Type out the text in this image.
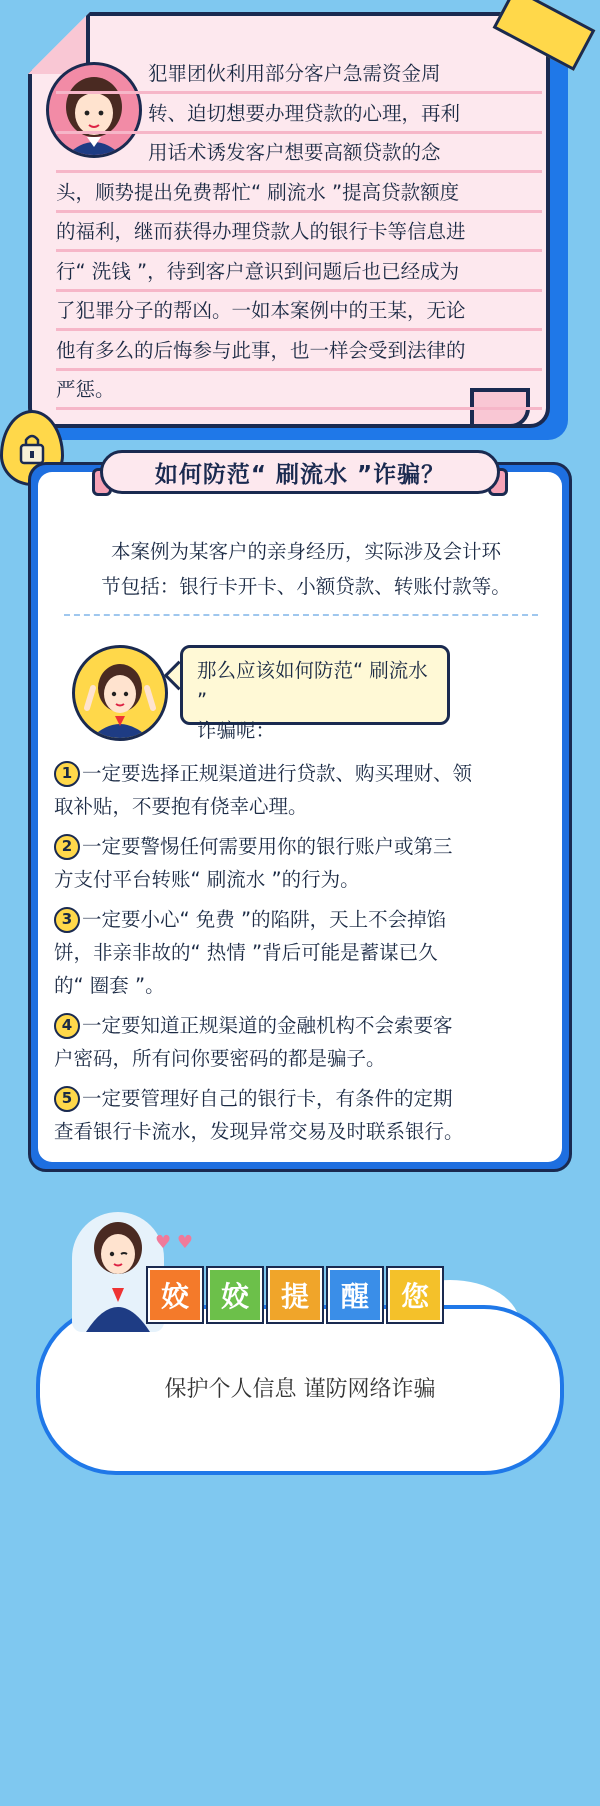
犯罪团伙利用部分客户急需资金周
转、迫切想要办理贷款的心理，再利
用话术诱发客户想要高额贷款的念
头，顺势提出免费帮忙“ 刷流水 ”提高贷款额度
的福利，继而获得办理贷款人的银行卡等信息进
行“ 洗钱 ”，待到客户意识到问题后也已经成为
了犯罪分子的帮凶。一如本案例中的王某，无论
他有多么的后悔参与此事，也一样会受到法律的
严惩。
如何防范“ 刷流水 ”诈骗？
本案例为某客户的亲身经历，实际涉及会计环
节包括：银行卡开卡、小额贷款、转账付款等。
那么应该如何防范“ 刷流水 ”
诈骗呢：
1 一定要选择正规渠道进行贷款、购买理财、领
取补贴，不要抱有侥幸心理。
2 一定要警惕任何需要用你的银行账户或第三
方支付平台转账“ 刷流水 ”的行为。
3 一定要小心“ 免费 ”的陷阱，天上不会掉馅
饼，非亲非故的“ 热情 ”背后可能是蓄谋已久
的“ 圈套 ”。
4 一定要知道正规渠道的金融机构不会索要客
户密码，所有问你要密码的都是骗子。
5 一定要管理好自己的银行卡，有条件的定期
查看银行卡流水，发现异常交易及时联系银行。
保护个人信息 谨防网络诈骗
♥ ♥
姣	姣	提	醒	您
